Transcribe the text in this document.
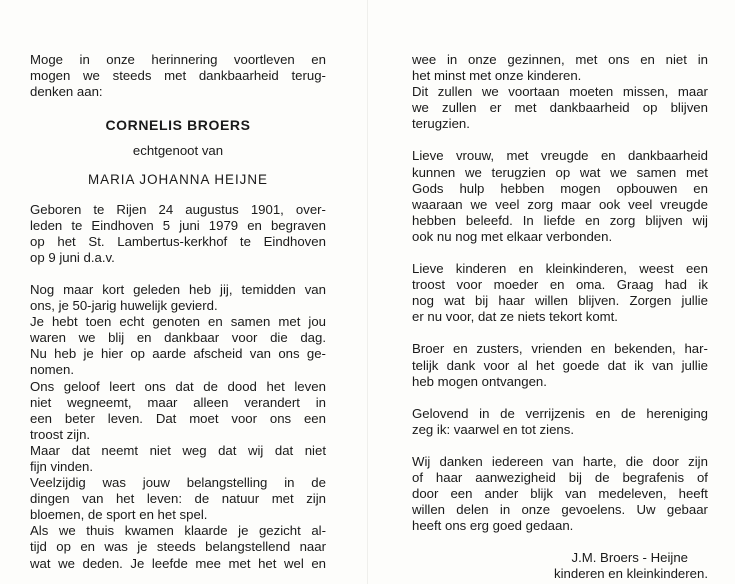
Moge in onze herinnering voortleven en
mogen we steeds met dankbaarheid terug-
denken aan:
CORNELIS BROERS
echtgenoot van
MARIA JOHANNA HEIJNE
Geboren te Rijen 24 augustus 1901, over-
leden te Eindhoven 5 juni 1979 en begraven
op het St. Lambertus-kerkhof te Eindhoven
op 9 juni d.a.v.
Nog maar kort geleden heb jij, temidden van
ons, je 50-jarig huwelijk gevierd.
Je hebt toen echt genoten en samen met jou
waren we blij en dankbaar voor die dag.
Nu heb je hier op aarde afscheid van ons ge-
nomen.
Ons geloof leert ons dat de dood het leven
niet wegneemt, maar alleen verandert in
een beter leven. Dat moet voor ons een
troost zijn.
Maar dat neemt niet weg dat wij dat niet
fijn vinden.
Veelzijdig was jouw belangstelling in de
dingen van het leven: de natuur met zijn
bloemen, de sport en het spel.
Als we thuis kwamen klaarde je gezicht al-
tijd op en was je steeds belangstellend naar
wat we deden. Je leefde mee met het wel en
wee in onze gezinnen, met ons en niet in
het minst met onze kinderen.
Dit zullen we voortaan moeten missen, maar
we zullen er met dankbaarheid op blijven
terugzien.
Lieve vrouw, met vreugde en dankbaarheid
kunnen we terugzien op wat we samen met
Gods hulp hebben mogen opbouwen en
waaraan we veel zorg maar ook veel vreugde
hebben beleefd. In liefde en zorg blijven wij
ook nu nog met elkaar verbonden.
Lieve kinderen en kleinkinderen, weest een
troost voor moeder en oma. Graag had ik
nog wat bij haar willen blijven. Zorgen jullie
er nu voor, dat ze niets tekort komt.
Broer en zusters, vrienden en bekenden, har-
telijk dank voor al het goede dat ik van jullie
heb mogen ontvangen.
Gelovend in de verrijzenis en de hereniging
zeg ik: vaarwel en tot ziens.
Wij danken iedereen van harte, die door zijn
of haar aanwezigheid bij de begrafenis of
door een ander blijk van medeleven, heeft
willen delen in onze gevoelens. Uw gebaar
heeft ons erg goed gedaan.
J.M. Broers - Heijne
kinderen en kleinkinderen.
